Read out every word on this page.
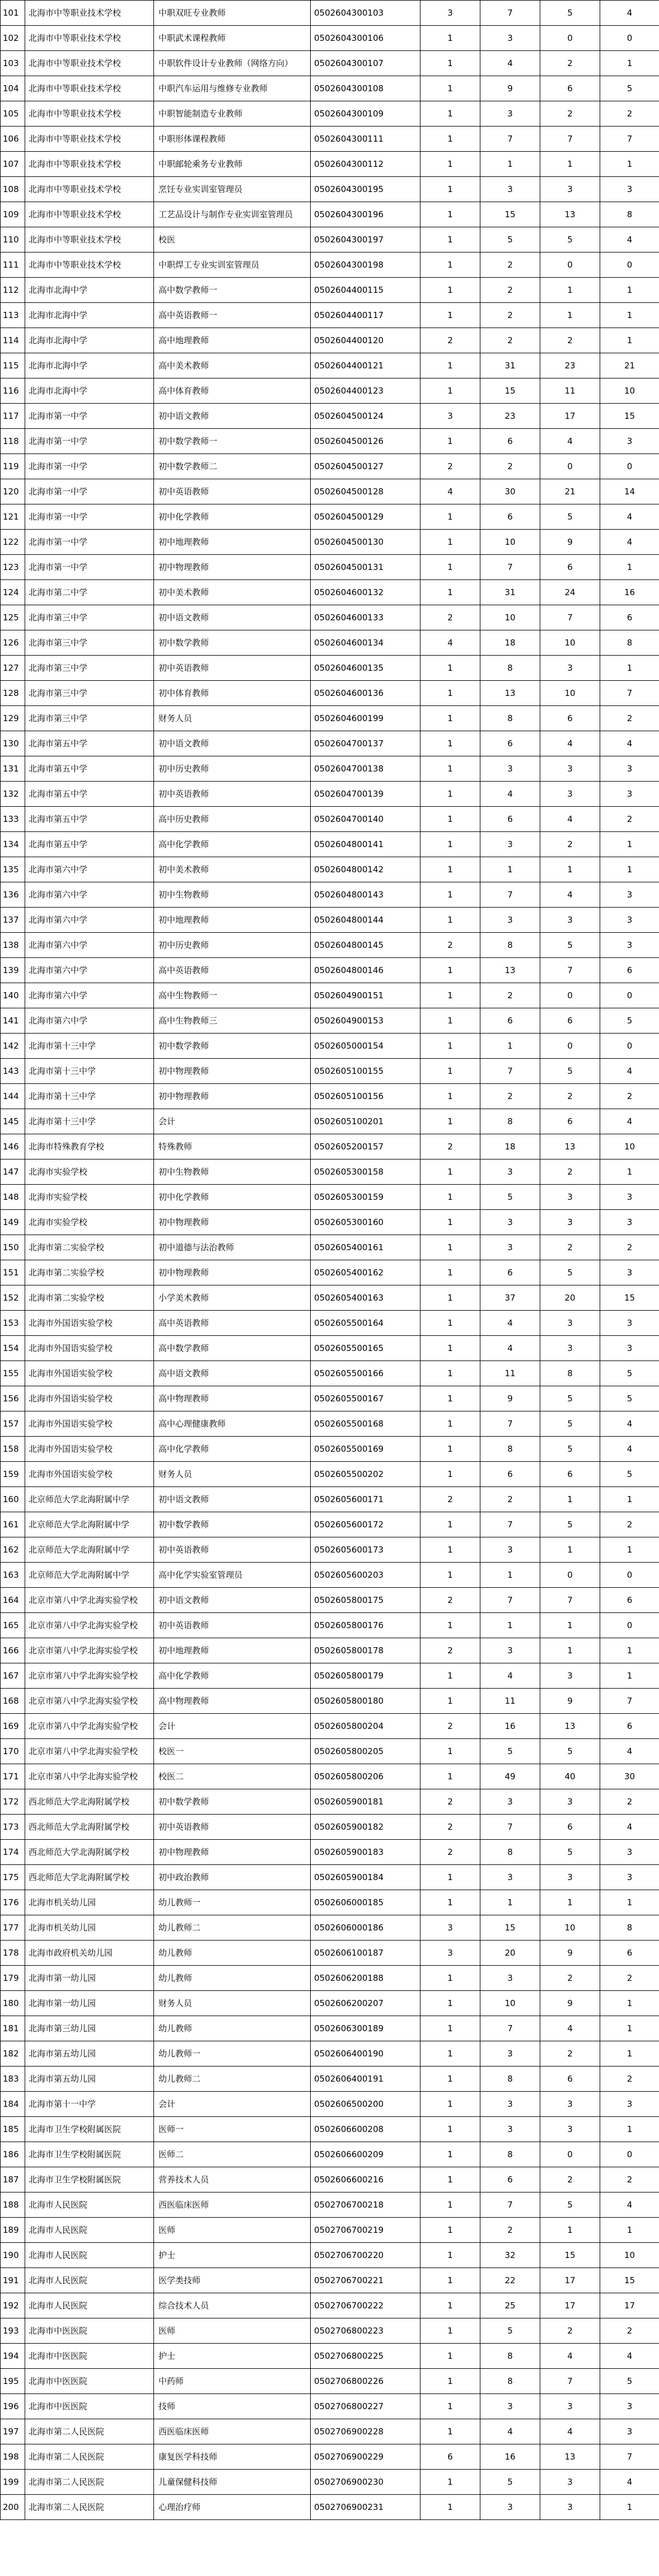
101	北海市中等职业技术学校	中职双旺专业教师	0502604300103	3	7	5	4
102	北海市中等职业技术学校	中职武术课程教师	0502604300106	1	3	0	0
103	北海市中等职业技术学校	中职软件设计专业教师（网络方向）	0502604300107	1	4	2	1
104	北海市中等职业技术学校	中职汽车运用与维修专业教师	0502604300108	1	9	6	5
105	北海市中等职业技术学校	中职智能制造专业教师	0502604300109	1	3	2	2
106	北海市中等职业技术学校	中职形体课程教师	0502604300111	1	7	7	7
107	北海市中等职业技术学校	中职邮轮乘务专业教师	0502604300112	1	1	1	1
108	北海市中等职业技术学校	烹饪专业实训室管理员	0502604300195	1	3	3	3
109	北海市中等职业技术学校	工艺品设计与制作专业实训室管理员	0502604300196	1	15	13	8
110	北海市中等职业技术学校	校医	0502604300197	1	5	5	4
111	北海市中等职业技术学校	中职焊工专业实训室管理员	0502604300198	1	2	0	0
112	北海市北海中学	高中数学教师一	0502604400115	1	2	1	1
113	北海市北海中学	高中英语教师一	0502604400117	1	2	1	1
114	北海市北海中学	高中地理教师	0502604400120	2	2	2	1
115	北海市北海中学	高中美术教师	0502604400121	1	31	23	21
116	北海市北海中学	高中体育教师	0502604400123	1	15	11	10
117	北海市第一中学	初中语文教师	0502604500124	3	23	17	15
118	北海市第一中学	初中数学教师一	0502604500126	1	6	4	3
119	北海市第一中学	初中数学教师二	0502604500127	2	2	0	0
120	北海市第一中学	初中英语教师	0502604500128	4	30	21	14
121	北海市第一中学	初中化学教师	0502604500129	1	6	5	4
122	北海市第一中学	初中地理教师	0502604500130	1	10	9	4
123	北海市第一中学	初中物理教师	0502604500131	1	7	6	1
124	北海市第二中学	初中美术教师	0502604600132	1	31	24	16
125	北海市第三中学	初中语文教师	0502604600133	2	10	7	6
126	北海市第三中学	初中数学教师	0502604600134	4	18	10	8
127	北海市第三中学	初中英语教师	0502604600135	1	8	3	1
128	北海市第三中学	初中体育教师	0502604600136	1	13	10	7
129	北海市第三中学	财务人员	0502604600199	1	8	6	2
130	北海市第五中学	初中语文教师	0502604700137	1	6	4	4
131	北海市第五中学	初中历史教师	0502604700138	1	3	3	3
132	北海市第五中学	初中英语教师	0502604700139	1	4	3	3
133	北海市第五中学	高中历史教师	0502604700140	1	6	4	2
134	北海市第五中学	高中化学教师	0502604800141	1	3	2	1
135	北海市第六中学	初中美术教师	0502604800142	1	1	1	1
136	北海市第六中学	初中生物教师	0502604800143	1	7	4	3
137	北海市第六中学	初中地理教师	0502604800144	1	3	3	3
138	北海市第六中学	初中历史教师	0502604800145	2	8	5	3
139	北海市第六中学	高中英语教师	0502604800146	1	13	7	6
140	北海市第六中学	高中生物教师一	0502604900151	1	2	0	0
141	北海市第六中学	高中生物教师三	0502604900153	1	6	6	5
142	北海市第十三中学	初中数学教师	0502605000154	1	1	0	0
143	北海市第十三中学	初中物理教师	0502605100155	1	7	5	4
144	北海市第十三中学	初中物理教师	0502605100156	1	2	2	2
145	北海市第十三中学	会计	0502605100201	1	8	6	4
146	北海市特殊教育学校	特殊教师	0502605200157	2	18	13	10
147	北海市实验学校	初中生物教师	0502605300158	1	3	2	1
148	北海市实验学校	初中化学教师	0502605300159	1	5	3	3
149	北海市实验学校	初中物理教师	0502605300160	1	3	3	3
150	北海市第二实验学校	初中道德与法治教师	0502605400161	1	3	2	2
151	北海市第二实验学校	初中物理教师	0502605400162	1	6	5	3
152	北海市第二实验学校	小学美术教师	0502605400163	1	37	20	15
153	北海市外国语实验学校	高中英语教师	0502605500164	1	4	3	3
154	北海市外国语实验学校	高中数学教师	0502605500165	1	4	3	3
155	北海市外国语实验学校	高中语文教师	0502605500166	1	11	8	5
156	北海市外国语实验学校	高中物理教师	0502605500167	1	9	5	5
157	北海市外国语实验学校	高中心理健康教师	0502605500168	1	7	5	4
158	北海市外国语实验学校	高中化学教师	0502605500169	1	8	5	4
159	北海市外国语实验学校	财务人员	0502605500202	1	6	6	5
160	北京师范大学北海附属中学	初中语文教师	0502605600171	2	2	1	1
161	北京师范大学北海附属中学	初中数学教师	0502605600172	1	7	5	2
162	北京师范大学北海附属中学	初中英语教师	0502605600173	1	3	1	1
163	北京师范大学北海附属中学	高中化学实验室管理员	0502605600203	1	1	0	0
164	北京市第八中学北海实验学校	初中语文教师	0502605800175	2	7	7	6
165	北京市第八中学北海实验学校	初中英语教师	0502605800176	1	1	1	0
166	北京市第八中学北海实验学校	初中地理教师	0502605800178	2	3	1	1
167	北京市第八中学北海实验学校	高中化学教师	0502605800179	1	4	3	1
168	北京市第八中学北海实验学校	高中物理教师	0502605800180	1	11	9	7
169	北京市第八中学北海实验学校	会计	0502605800204	2	16	13	6
170	北京市第八中学北海实验学校	校医一	0502605800205	1	5	5	4
171	北京市第八中学北海实验学校	校医二	0502605800206	1	49	40	30
172	西北师范大学北海附属学校	初中数学教师	0502605900181	2	3	3	2
173	西北师范大学北海附属学校	初中英语教师	0502605900182	2	7	6	4
174	西北师范大学北海附属学校	初中物理教师	0502605900183	2	8	5	3
175	西北师范大学北海附属学校	初中政治教师	0502605900184	1	3	3	3
176	北海市机关幼儿园	幼儿教师一	0502606000185	1	1	1	1
177	北海市机关幼儿园	幼儿教师二	0502606000186	3	15	10	8
178	北海市政府机关幼儿园	幼儿教师	0502606100187	3	20	9	6
179	北海市第一幼儿园	幼儿教师	0502606200188	1	3	2	2
180	北海市第一幼儿园	财务人员	0502606200207	1	10	9	1
181	北海市第三幼儿园	幼儿教师	0502606300189	1	7	4	1
182	北海市第五幼儿园	幼儿教师一	0502606400190	1	3	2	1
183	北海市第五幼儿园	幼儿教师二	0502606400191	1	8	6	2
184	北海市第十一中学	会计	0502606500200	1	3	3	3
185	北海市卫生学校附属医院	医师一	0502606600208	1	3	3	1
186	北海市卫生学校附属医院	医师二	0502606600209	1	8	0	0
187	北海市卫生学校附属医院	营养技术人员	0502606600216	1	6	2	2
188	北海市人民医院	西医临床医师	0502706700218	1	7	5	4
189	北海市人民医院	医师	0502706700219	1	2	1	1
190	北海市人民医院	护士	0502706700220	1	32	15	10
191	北海市人民医院	医学类技师	0502706700221	1	22	17	15
192	北海市人民医院	综合技术人员	0502706700222	1	25	17	17
193	北海市中医医院	医师	0502706800223	1	5	2	2
194	北海市中医医院	护士	0502706800225	1	8	4	4
195	北海市中医医院	中药师	0502706800226	1	8	7	5
196	北海市中医医院	技师	0502706800227	1	3	3	3
197	北海市第二人民医院	西医临床医师	0502706900228	1	4	4	3
198	北海市第二人民医院	康复医学科技师	0502706900229	6	16	13	7
199	北海市第二人民医院	儿童保健科技师	0502706900230	1	5	3	4
200	北海市第二人民医院	心理治疗师	0502706900231	1	3	3	1
